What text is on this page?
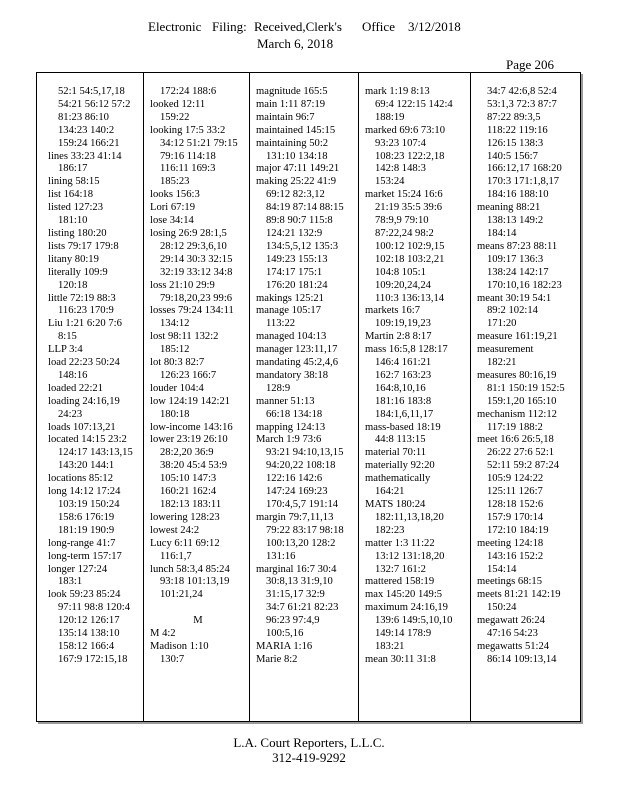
Electronic Filing: Received,Clerk's Office 3/12/2018
March 6, 2018
Page 206
52:1 54:5,17,18
54:21 56:12 57:2
81:23 86:10
134:23 140:2
159:24 166:21
lines 33:23 41:14
186:17
lining 58:15
list 164:18
listed 127:23
181:10
listing 180:20
lists 79:17 179:8
litany 80:19
literally 109:9
120:18
little 72:19 88:3
116:23 170:9
Liu 1:21 6:20 7:6
8:15
LLP 3:4
load 22:23 50:24
148:16
loaded 22:21
loading 24:16,19
24:23
loads 107:13,21
located 14:15 23:2
124:17 143:13,15
143:20 144:1
locations 85:12
long 14:12 17:24
103:19 150:24
158:6 176:19
181:19 190:9
long-range 41:7
long-term 157:17
longer 127:24
183:1
look 59:23 85:24
97:11 98:8 120:4
120:12 126:17
135:14 138:10
158:12 166:4
167:9 172:15,18
172:24 188:6
looked 12:11
159:22
looking 17:5 33:2
34:12 51:21 79:15
79:16 114:18
116:11 169:3
185:23
looks 156:3
Lori 67:19
lose 34:14
losing 26:9 28:1,5
28:12 29:3,6,10
29:14 30:3 32:15
32:19 33:12 34:8
loss 21:10 29:9
79:18,20,23 99:6
losses 79:24 134:11
134:12
lost 98:11 132:2
185:12
lot 80:3 82:7
126:23 166:7
louder 104:4
low 124:19 142:21
180:18
low-income 143:16
lower 23:19 26:10
28:2,20 36:9
38:20 45:4 53:9
105:10 147:3
160:21 162:4
182:13 183:11
lowering 128:23
lowest 24:2
Lucy 6:11 69:12
116:1,7
lunch 58:3,4 85:24
93:18 101:13,19
101:21,24

M
M 4:2
Madison 1:10
130:7
magnitude 165:5
main 1:11 87:19
maintain 96:7
maintained 145:15
maintaining 50:2
131:10 134:18
major 47:11 149:21
making 25:22 41:9
69:12 82:3,12
84:19 87:14 88:15
89:8 90:7 115:8
124:21 132:9
134:5,5,12 135:3
149:23 155:13
174:17 175:1
176:20 181:24
makings 125:21
manage 105:17
113:22
managed 104:13
manager 123:11,17
mandating 45:2,4,6
mandatory 38:18
128:9
manner 51:13
66:18 134:18
mapping 124:13
March 1:9 73:6
93:21 94:10,13,15
94:20,22 108:18
122:16 142:6
147:24 169:23
170:4,5,7 191:14
margin 79:7,11,13
79:22 83:17 98:18
100:13,20 128:2
131:16
marginal 16:7 30:4
30:8,13 31:9,10
31:15,17 32:9
34:7 61:21 82:23
96:23 97:4,9
100:5,16
MARIA 1:16
Marie 8:2
mark 1:19 8:13
69:4 122:15 142:4
188:19
marked 69:6 73:10
93:23 107:4
108:23 122:2,18
142:8 148:3
153:24
market 15:24 16:6
21:19 35:5 39:6
78:9,9 79:10
87:22,24 98:2
100:12 102:9,15
102:18 103:2,21
104:8 105:1
109:20,24,24
110:3 136:13,14
markets 16:7
109:19,19,23
Martin 2:8 8:17
mass 16:5,8 128:17
146:4 161:21
162:7 163:23
164:8,10,16
181:16 183:8
184:1,6,11,17
mass-based 18:19
44:8 113:15
material 70:11
materially 92:20
mathematically
164:21
MATS 180:24
182:11,13,18,20
182:23
matter 1:3 11:22
13:12 131:18,20
132:7 161:2
mattered 158:19
max 145:20 149:5
maximum 24:16,19
139:6 149:5,10,10
149:14 178:9
183:21
mean 30:11 31:8
34:7 42:6,8 52:4
53:1,3 72:3 87:7
87:22 89:3,5
118:22 119:16
126:15 138:3
140:5 156:7
166:12,17 168:20
170:3 171:1,8,17
184:16 188:10
meaning 88:21
138:13 149:2
184:14
means 87:23 88:11
109:17 136:3
138:24 142:17
170:10,16 182:23
meant 30:19 54:1
89:2 102:14
171:20
measure 161:19,21
measurement
182:21
measures 80:16,19
81:1 150:19 152:5
159:1,20 165:10
mechanism 112:12
117:19 188:2
meet 16:6 26:5,18
26:22 27:6 52:1
52:11 59:2 87:24
105:9 124:22
125:11 126:7
128:18 152:6
157:9 170:14
172:10 184:19
meeting 124:18
143:16 152:2
154:14
meetings 68:15
meets 81:21 142:19
150:24
megawatt 26:24
47:16 54:23
megawatts 51:24
86:14 109:13,14
L.A. Court Reporters, L.L.C.
312-419-9292
